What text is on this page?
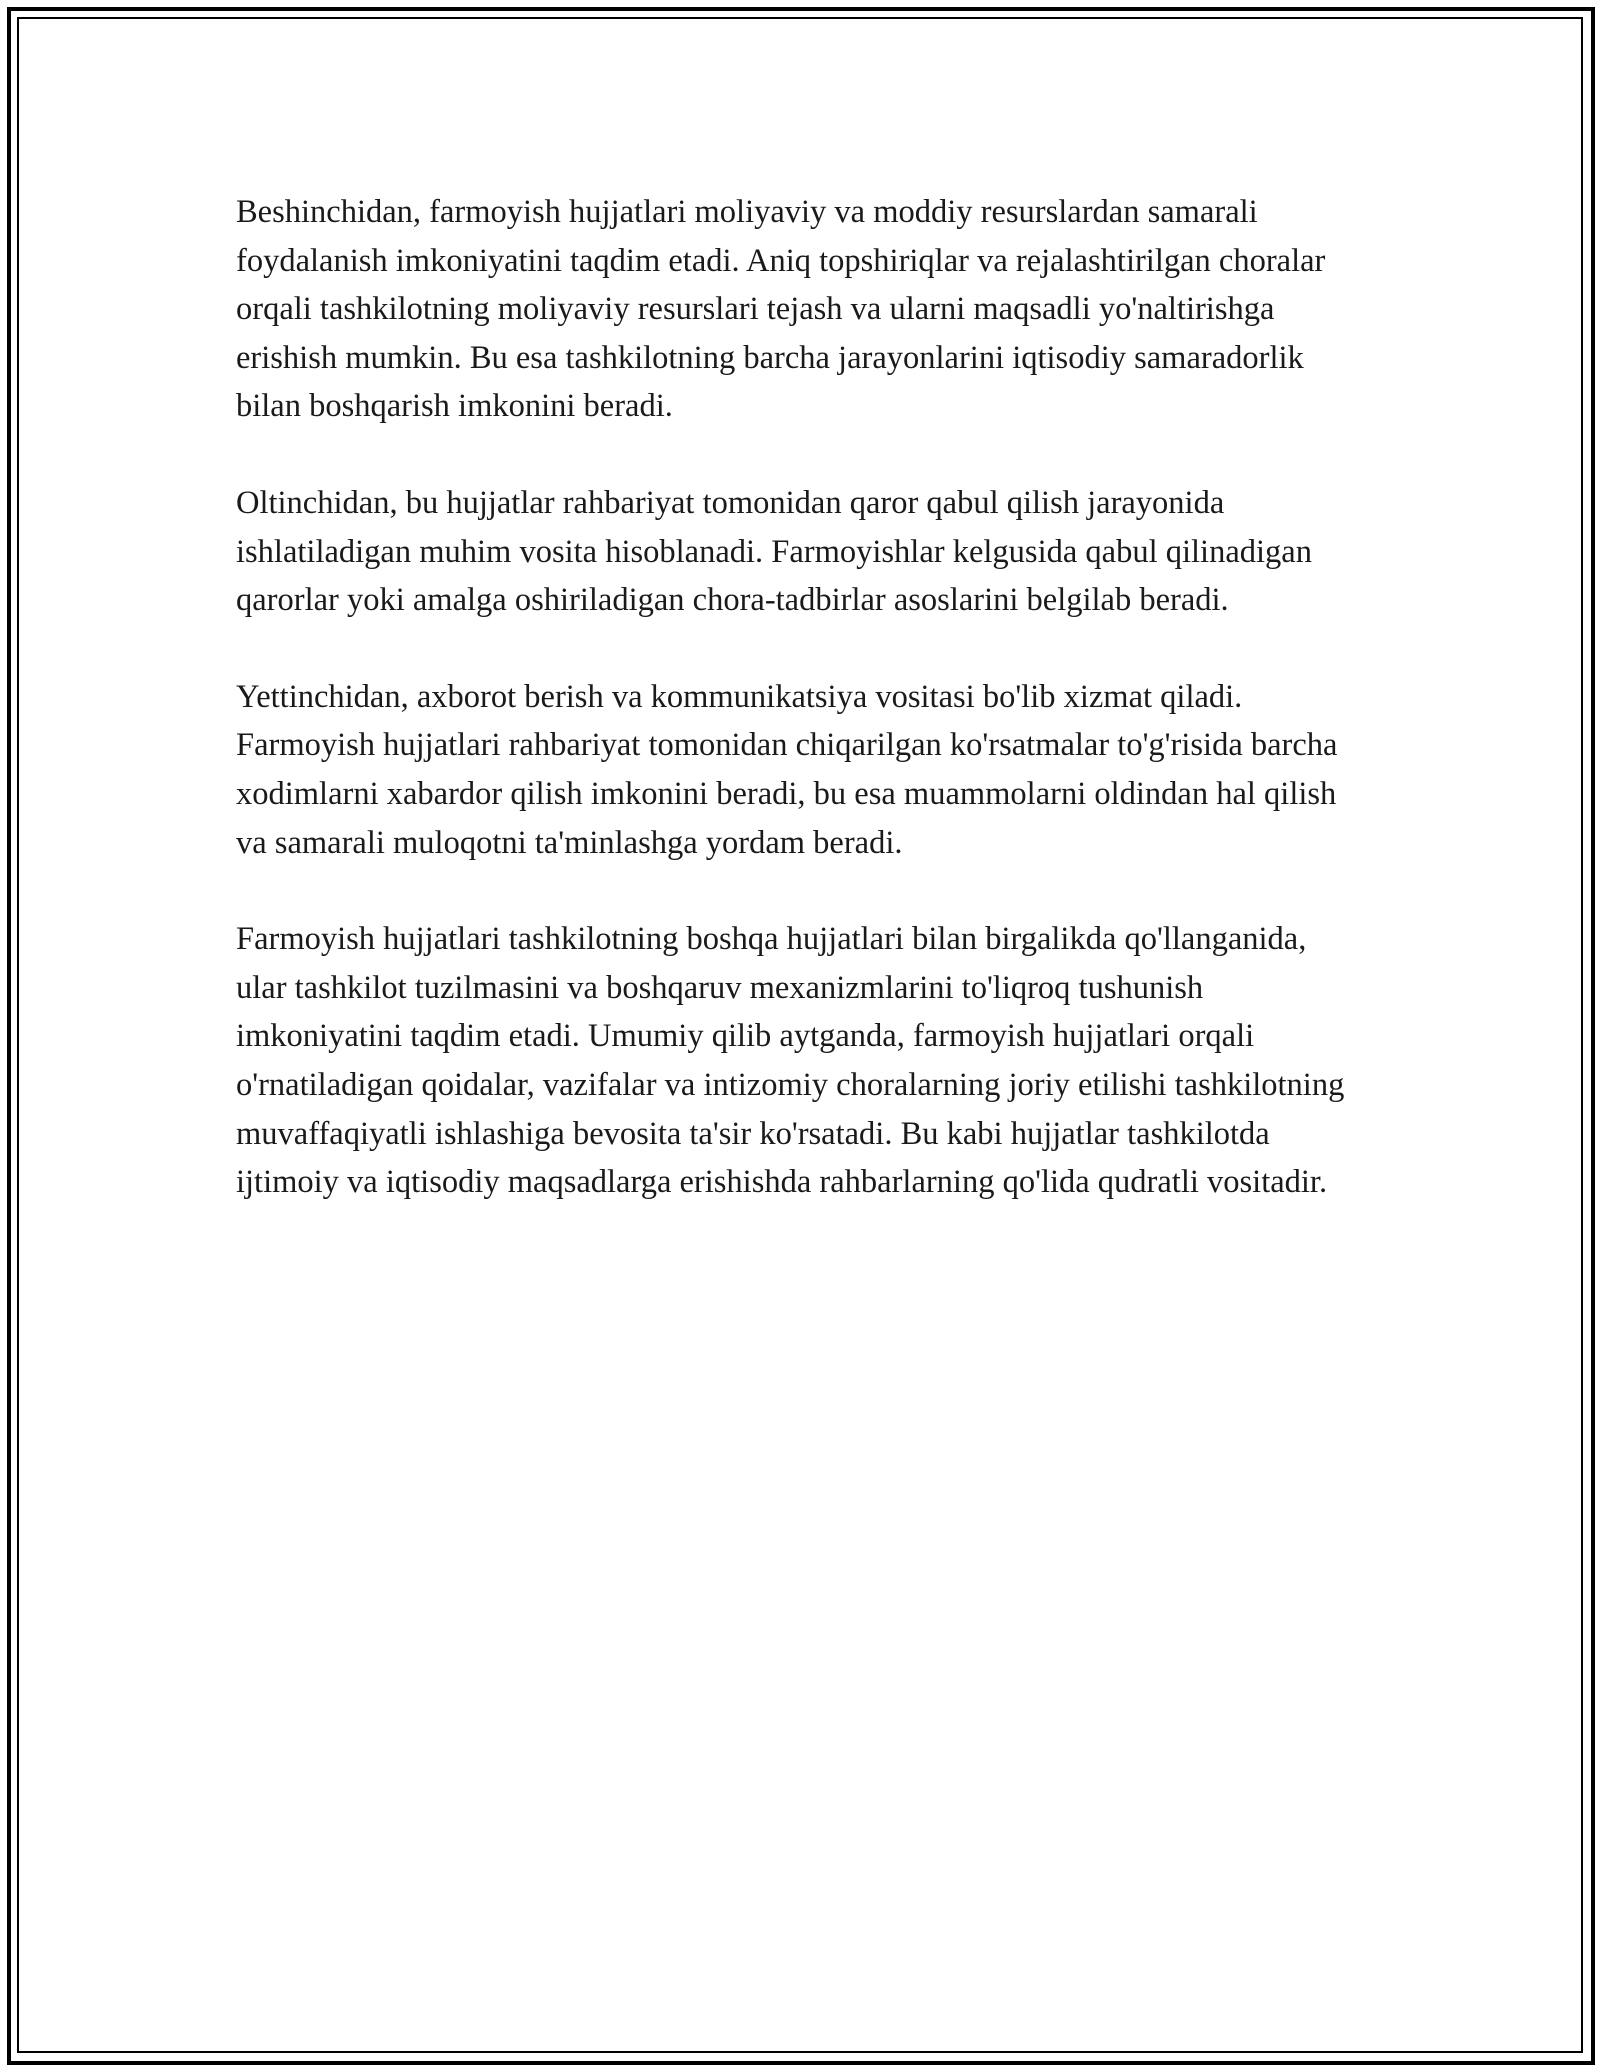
Beshinchidan, farmoyish hujjatlari moliyaviy va moddiy resurslardan samarali foydalanish imkoniyatini taqdim etadi. Aniq topshiriqlar va rejalashtirilgan choralar orqali tashkilotning moliyaviy resurslari tejash va ularni maqsadli yo'naltirishga erishish mumkin. Bu esa tashkilotning barcha jarayonlarini iqtisodiy samaradorlik bilan boshqarish imkonini beradi.

Oltinchidan, bu hujjatlar rahbariyat tomonidan qaror qabul qilish jarayonida ishlatiladigan muhim vosita hisoblanadi. Farmoyishlar kelgusida qabul qilinadigan qarorlar yoki amalga oshiriladigan chora-tadbirlar asoslarini belgilab beradi.

Yettinchidan, axborot berish va kommunikatsiya vositasi bo'lib xizmat qiladi. Farmoyish hujjatlari rahbariyat tomonidan chiqarilgan ko'rsatmalar to'g'risida barcha xodimlarni xabardor qilish imkonini beradi, bu esa muammolarni oldindan hal qilish va samarali muloqotni ta'minlashga yordam beradi.

Farmoyish hujjatlari tashkilotning boshqa hujjatlari bilan birgalikda qo'llanganida, ular tashkilot tuzilmasini va boshqaruv mexanizmlarini to'liqroq tushunish imkoniyatini taqdim etadi. Umumiy qilib aytganda, farmoyish hujjatlari orqali o'rnatiladigan qoidalar, vazifalar va intizomiy choralarning joriy etilishi tashkilotning muvaffaqiyatli ishlashiga bevosita ta'sir ko'rsatadi. Bu kabi hujjatlar tashkilotda ijtimoiy va iqtisodiy maqsadlarga erishishda rahbarlarning qo'lida qudratli vositadir.
